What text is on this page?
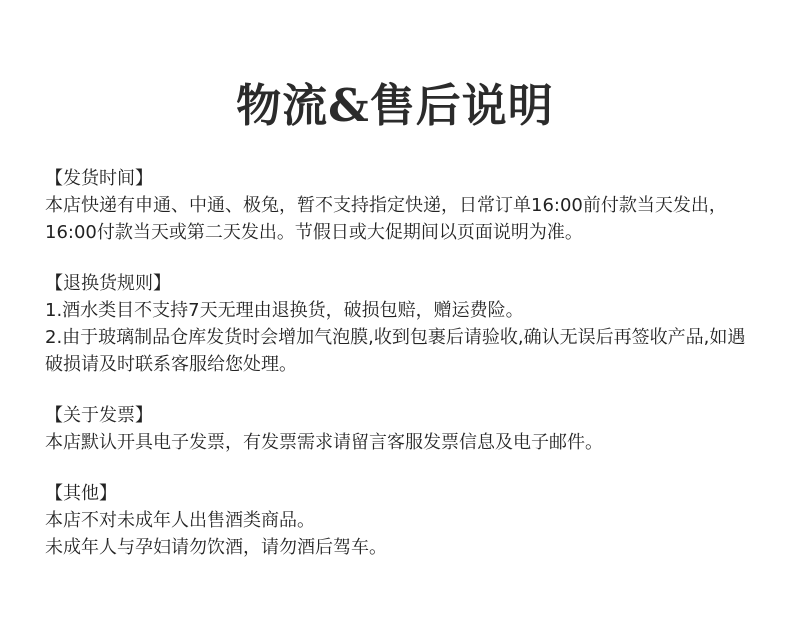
物流&售后说明

【发货时间】

本店快递有申通、中通、极兔，暂不支持指定快递，日常订单16:00前付款当天发出，16:00付款当天或第二天发出。节假日或大促期间以页面说明为准。

【退换货规则】

1.酒水类目不支持7天无理由退换货，破损包赔，赠运费险。

2.由于玻璃制品仓库发货时会增加气泡膜,收到包裹后请验收,确认无误后再签收产品,如遇破损请及时联系客服给您处理。

【关于发票】

本店默认开具电子发票，有发票需求请留言客服发票信息及电子邮件。

【其他】

本店不对未成年人出售酒类商品。

未成年人与孕妇请勿饮酒，请勿酒后驾车。
